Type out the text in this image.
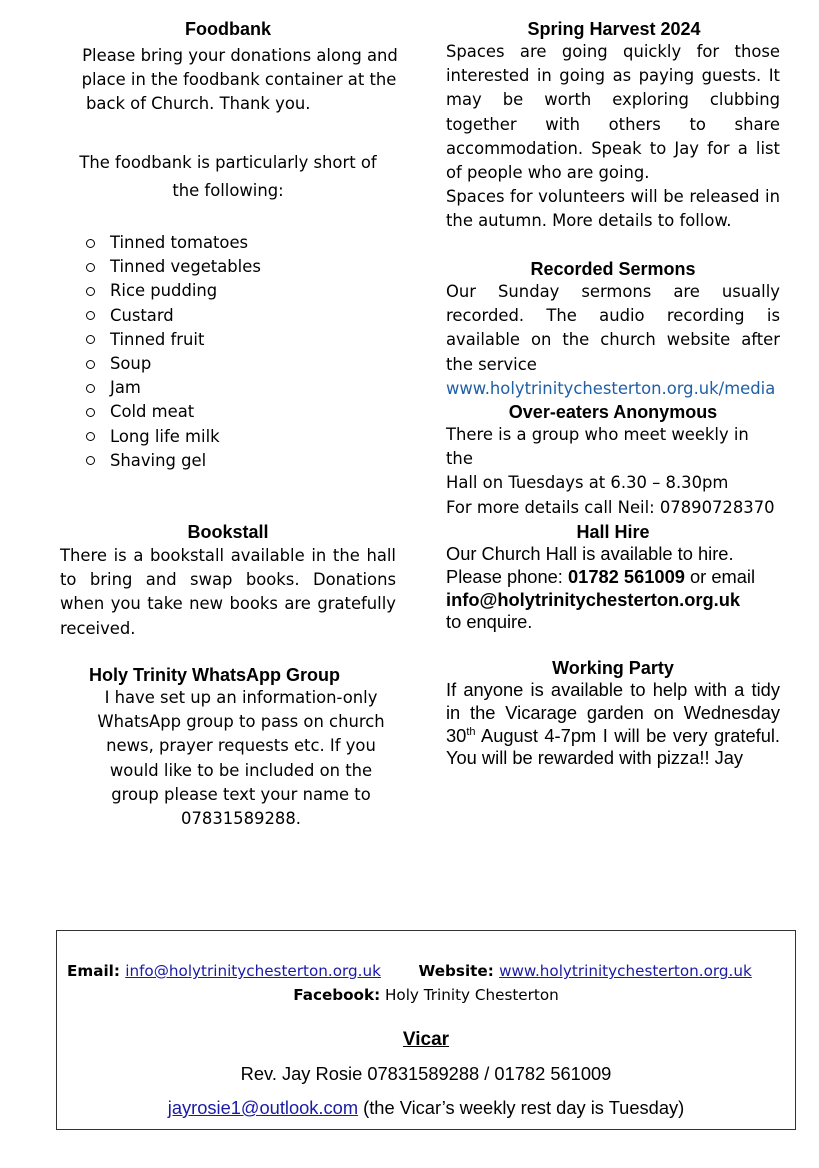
Foodbank
Please bring your donations along and
place in the foodbank container at the
back of Church. Thank you.
The foodbank is particularly short of
the following:
Tinned tomatoes
Tinned vegetables
Rice pudding
Custard
Tinned fruit
Soup
Jam
Cold meat
Long life milk
Shaving gel
Bookstall
There is a bookstall available in the hall to bring and swap books. Donations when you take new books are gratefully received.
Holy Trinity WhatsApp Group
I have set up an information-only
WhatsApp group to pass on church
news, prayer requests etc. If you
would like to be included on the
group please text your name to
07831589288.
Spring Harvest 2024
Spaces are going quickly for those interested in going as paying guests. It may be worth exploring clubbing together with others to share accommodation. Speak to Jay for a list of people who are going.
Spaces for volunteers will be released in the autumn. More details to follow.
Recorded Sermons
Our Sunday sermons are usually recorded. The audio recording is available on the church website after the service
www.holytrinitychesterton.org.uk/media
Over-eaters Anonymous
There is a group who meet weekly in the
Hall on Tuesdays at 6.30 – 8.30pm
For more details call Neil: 07890728370
Hall Hire
Our Church Hall is available to hire.
Please phone: 01782 561009 or email
info@holytrinitychesterton.org.uk
to enquire.
Working Party
If anyone is available to help with a tidy in the Vicarage garden on Wednesday 30th August 4-7pm I will be very grateful. You will be rewarded with pizza!! Jay
Email: info@holytrinitychesterton.org.uk Website: www.holytrinitychesterton.org.uk
Facebook: Holy Trinity Chesterton
Vicar
Rev. Jay Rosie 07831589288 / 01782 561009
jayrosie1@outlook.com (the Vicar’s weekly rest day is Tuesday)
